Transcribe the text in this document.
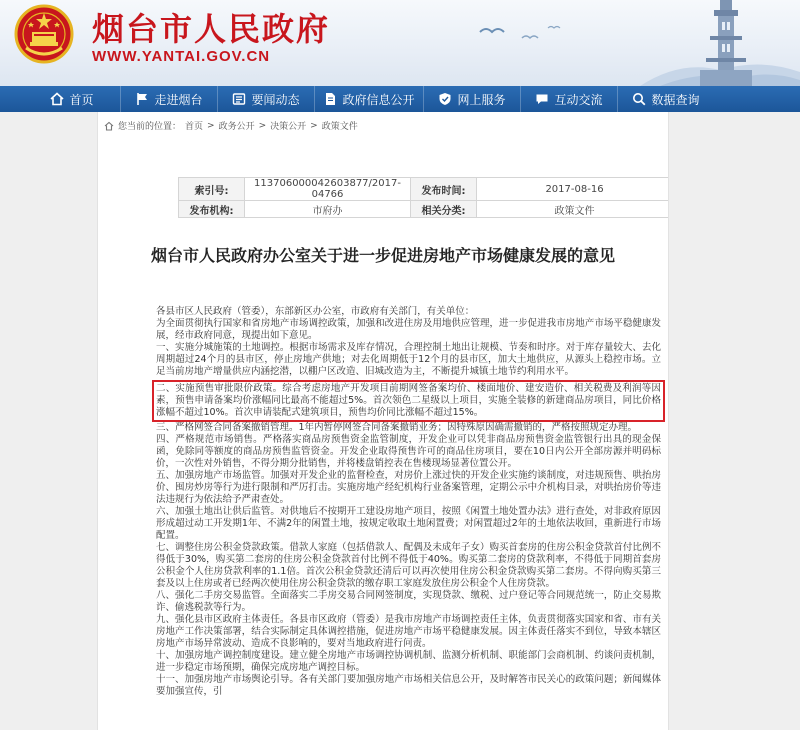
烟台市人民政府
WWW.YANTAI.GOV.CN
首页	走进烟台	要闻动态	政府信息公开	网上服务	互动交流	数据查询
您当前的位置： 首页 > 政务公开 > 决策公开 > 政策文件
索引号:	113706000042603877/2017-04766	发布时间:	2017-08-16
发布机构:	市府办	相关分类:	政策文件
烟台市人民政府办公室关于进一步促进房地产市场健康发展的意见

各县市区人民政府（管委），东部新区办公室，市政府有关部门，有关单位：

为全面贯彻执行国家和省房地产市场调控政策，加强和改进住房及用地供应管理，进一步促进我市房地产市场平稳健康发展，经市政府同意，现提出如下意见。

一、实施分城施策的土地调控。根据市场需求及库存情况，合理控制土地出让规模、节奏和时序。对于库存量较大、去化周期超过24个月的县市区，停止房地产供地；对去化周期低于12个月的县市区，加大土地供应，从源头上稳控市场。立足当前房地产增量供应内涵挖潜，以棚户区改造、旧城改造为主，不断提升城镇土地节约利用水平。

二、实施预售审批限价政策。综合考虑房地产开发项目前期网签备案均价、楼面地价、建安造价、相关税费及利润等因素，预售申请备案均价涨幅同比最高不能超过5%。首次领色二星级以上项目，实施全装修的新建商品房项目，同比价格涨幅不超过10%。首次申请装配式建筑项目，预售均价同比涨幅不超过15%。

三、严格网签合同备案撤销管理。1年内暂停网签合同备案撤销业务；因特殊原因确需撤销的，严格按照规定办理。

四、严格规范市场销售。严格落实商品房预售资金监管制度，开发企业可以凭非商品房预售资金监管银行出具的现金保函，免除同等额度的商品房预售监管资金。开发企业取得预售许可的商品住房项目，要在10日内公开全部房源并明码标价，一次性对外销售，不得分期分批销售，并将楼盘销控表在售楼现场显著位置公开。

五、加强房地产市场监管。加强对开发企业的监督检查，对房价上涨过快的开发企业实施约谈制度，对违规预售、哄抬房价、囤房炒房等行为进行限制和严厉打击。实施房地产经纪机构行业备案管理，定期公示中介机构目录，对哄抬房价等违法违规行为依法给予严肃查处。

六、加强土地出让供后监管。对供地后不按期开工建设房地产项目，按照《闲置土地处置办法》进行查处，对非政府原因形成超过动工开发期1年、不满2年的闲置土地，按规定收取土地闲置费；对闲置超过2年的土地依法收回，重新进行市场配置。

七、调整住房公积金贷款政策。借款人家庭（包括借款人、配偶及未成年子女）购买首套房的住房公积金贷款首付比例不得低于30%，购买第二套房的住房公积金贷款首付比例不得低于40%。购买第二套房的贷款利率，不得低于同期首套房公积金个人住房贷款利率的1.1倍。首次公积金贷款还清后可以再次使用住房公积金贷款购买第二套房。不得向购买第三套及以上住房或者已经两次使用住房公积金贷款的缴存职工家庭发放住房公积金个人住房贷款。

八、强化二手房交易监管。全面落实二手房交易合同网签制度，实现贷款、缴税、过户登记等合同规范统一，防止交易欺诈、偷逃税款等行为。

九、强化县市区政府主体责任。各县市区政府（管委）是我市房地产市场调控责任主体，负责贯彻落实国家和省、市有关房地产工作决策部署，结合实际制定具体调控措施，促进房地产市场平稳健康发展。因主体责任落实不到位，导致本辖区房地产市场异常波动、造成不良影响的，要对当地政府进行问责。

十、加强房地产调控制度建设。建立健全房地产市场调控协调机制、监测分析机制、职能部门会商机制、约谈问责机制，进一步稳定市场预期，确保完成房地产调控目标。

十一、加强房地产市场舆论引导。各有关部门要加强房地产市场相关信息公开，及时解答市民关心的政策问题；新闻媒体要加强宣传，引
